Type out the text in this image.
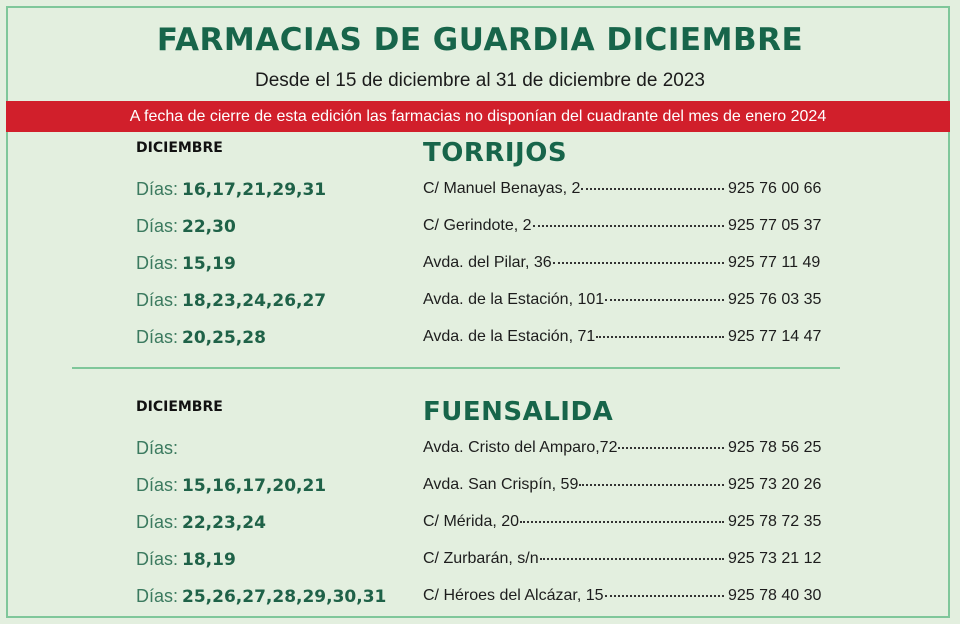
FARMACIAS DE GUARDIA DICIEMBRE
Desde el 15 de diciembre al 31 de diciembre de 2023
A fecha de cierre de esta edición las farmacias no disponían del cuadrante del mes de enero 2024
DICIEMBRE	TORRIJOS
Días: 16,17,21,29,31	C/ Manuel Benayas, 2	925 76 00 66
Días: 22,30	C/ Gerindote, 2	925 77 05 37
Días: 15,19	Avda. del Pilar, 36	925 77 11 49
Días: 18,23,24,26,27	Avda. de la Estación, 101	925 76 03 35
Días: 20,25,28	Avda. de la Estación, 71	925 77 14 47
DICIEMBRE	FUENSALIDA
Días:	Avda. Cristo del Amparo,72	925 78 56 25
Días: 15,16,17,20,21	Avda. San Crispín, 59	925 73 20 26
Días: 22,23,24	C/ Mérida, 20	925 78 72 35
Días: 18,19	C/ Zurbarán, s/n	925 73 21 12
Días: 25,26,27,28,29,30,31 C/ Héroes del Alcázar, 15	925 78 40 30
